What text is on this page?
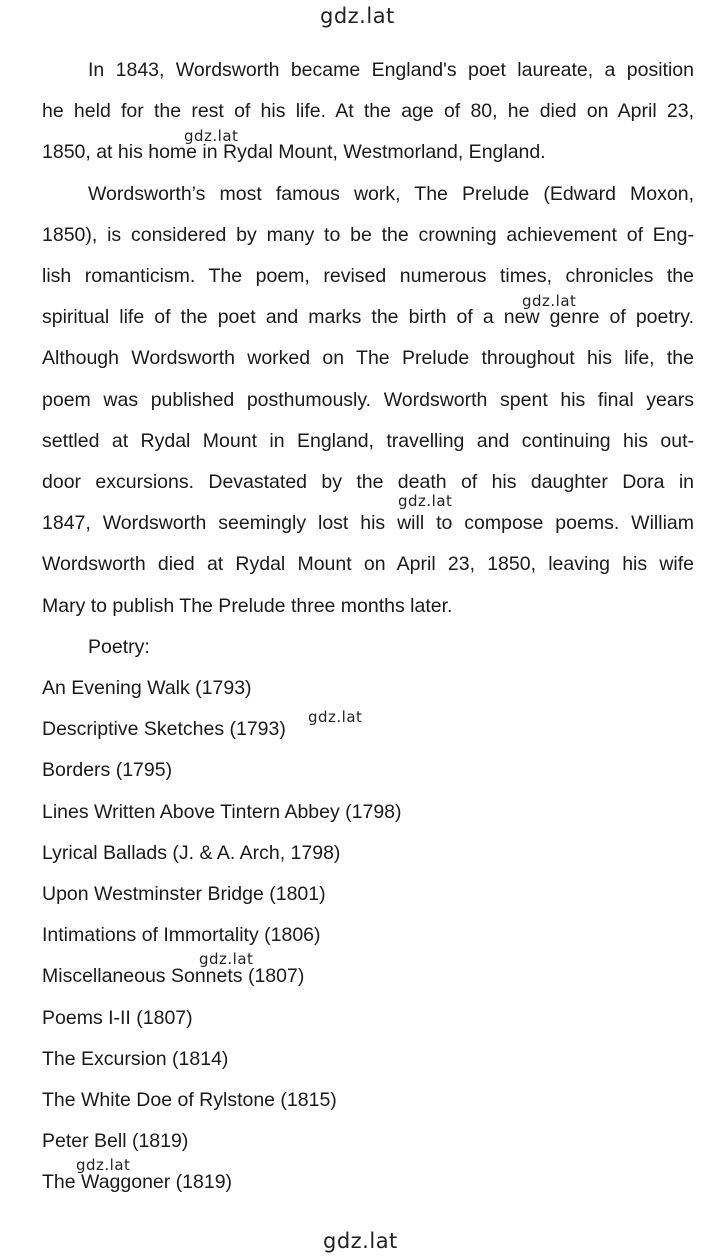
gdz.lat

In 1843, Wordsworth became England's poet laureate, a position
he held for the rest of his life. At the age of 80, he died on April 23,
1850, at his home in Rydal Mount, Westmorland, England.

Wordsworth’s most famous work, The Prelude (Edward Moxon,
1850), is considered by many to be the crowning achievement of Eng-
lish romanticism. The poem, revised numerous times, chronicles the
spiritual life of the poet and marks the birth of a new genre of poetry.
Although Wordsworth worked on The Prelude throughout his life, the
poem was published posthumously. Wordsworth spent his final years
settled at Rydal Mount in England, travelling and continuing his out-
door excursions. Devastated by the death of his daughter Dora in
1847, Wordsworth seemingly lost his will to compose poems. William
Wordsworth died at Rydal Mount on April 23, 1850, leaving his wife
Mary to publish The Prelude three months later.

Poetry:

An Evening Walk (1793)
Descriptive Sketches (1793)
Borders (1795)
Lines Written Above Tintern Abbey (1798)
Lyrical Ballads (J. & A. Arch, 1798)
Upon Westminster Bridge (1801)
Intimations of Immortality (1806)
Miscellaneous Sonnets (1807)
Poems I-II (1807)
The Excursion (1814)
The White Doe of Rylstone (1815)
Peter Bell (1819)
The Waggoner (1819)
gdz.lat
gdz.lat
gdz.lat
gdz.lat
gdz.lat
gdz.lat
gdz.lat
